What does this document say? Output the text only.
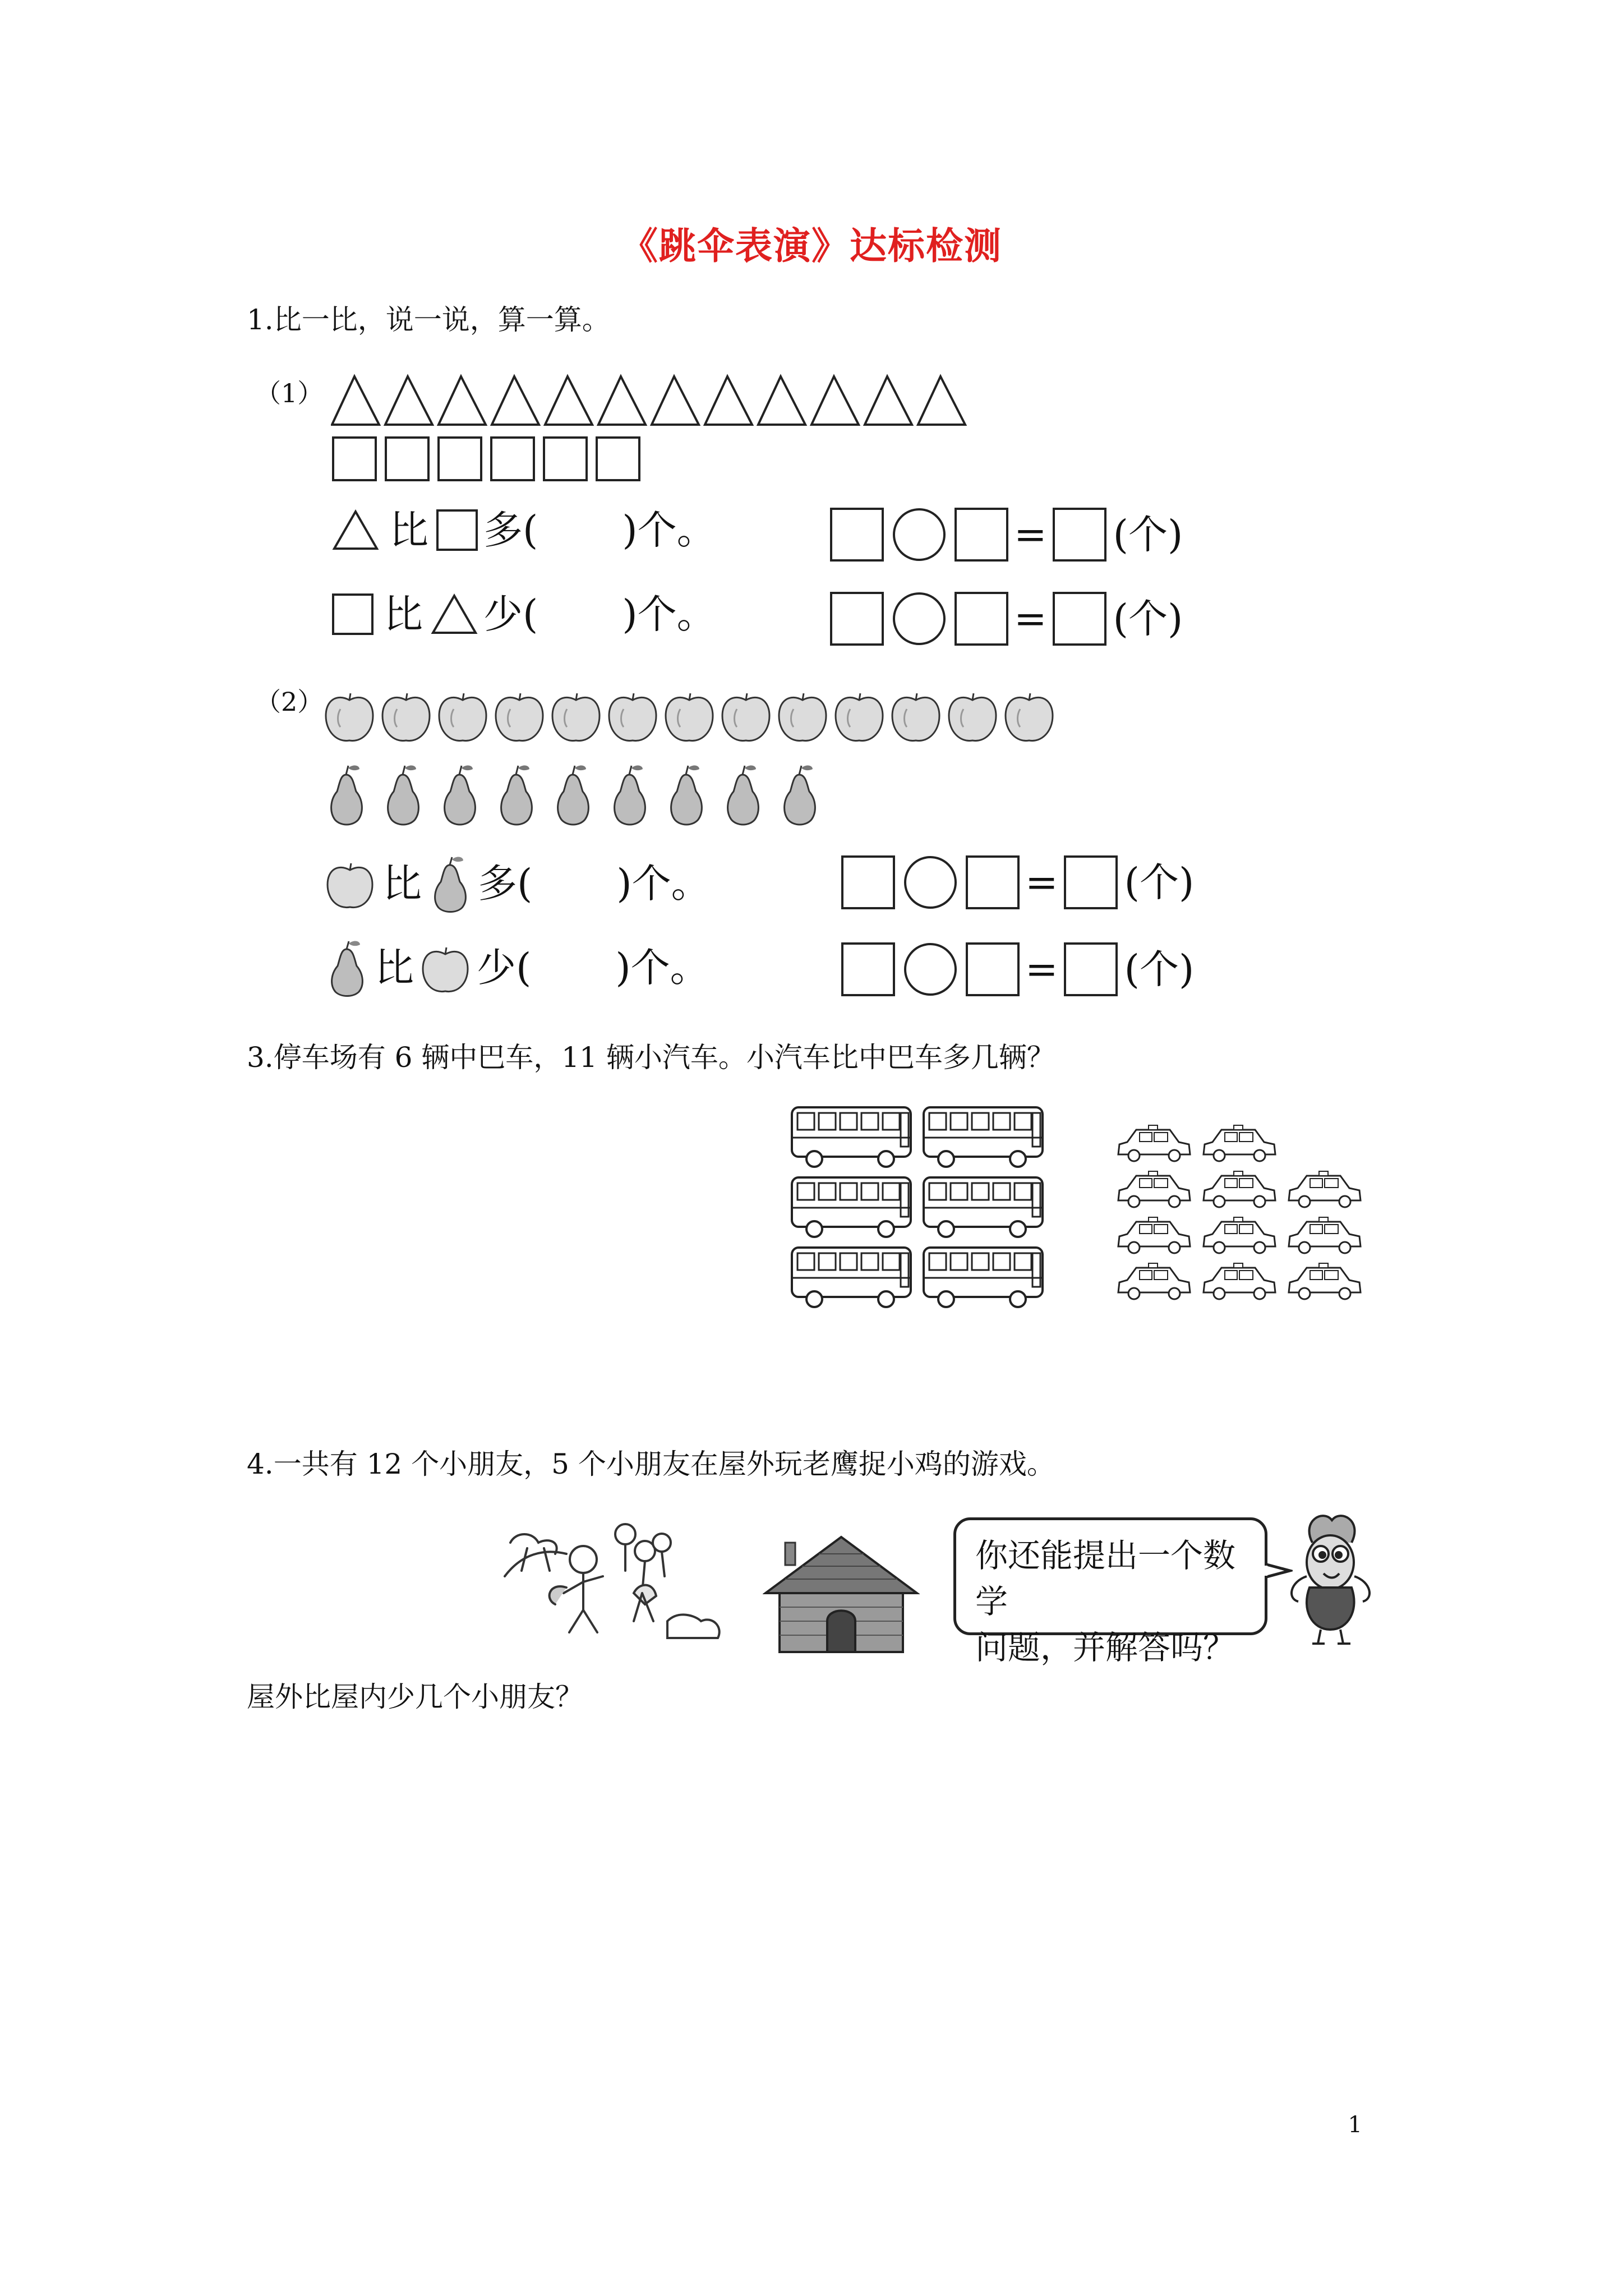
《跳伞表演》达标检测
1.比一比，说一说，算一算。
（1）
比 多( )个。	= (个)
比 少( )个。	= (个)
（2）
比 多( )个。	= (个)
比 少( )个。	= (个)
3.停车场有 6 辆中巴车，11 辆小汽车。小汽车比中巴车多几辆？
4.一共有 12 个小朋友，5 个小朋友在屋外玩老鹰捉小鸡的游戏。
你还能提出一个数学
问题，并解答吗？
屋外比屋内少几个小朋友？
1
